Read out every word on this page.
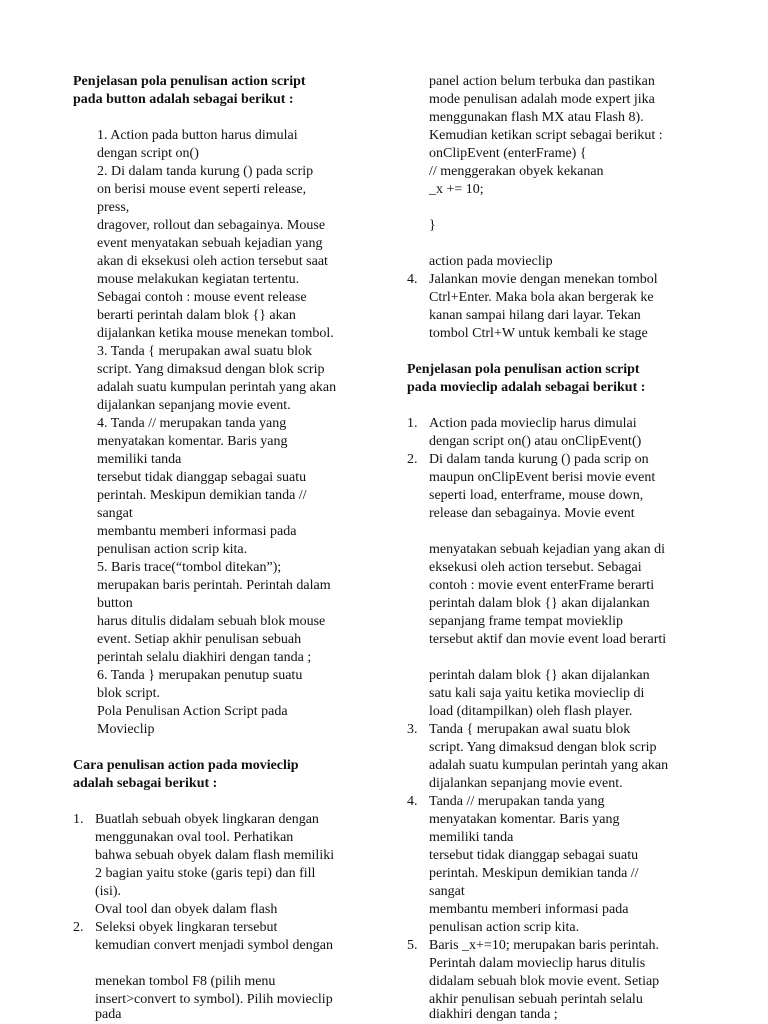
Penjelasan pola penulisan action script
pada button adalah sebagai berikut :
1. Action pada button harus dimulai
dengan script on()
2. Di dalam tanda kurung () pada scrip
on berisi mouse event seperti release,
press,
dragover, rollout dan sebagainya. Mouse
event menyatakan sebuah kejadian yang
akan di eksekusi oleh action tersebut saat
mouse melakukan kegiatan tertentu.
Sebagai contoh : mouse event release
berarti perintah dalam blok {} akan
dijalankan ketika mouse menekan tombol.
3. Tanda { merupakan awal suatu blok
script. Yang dimaksud dengan blok scrip
adalah suatu kumpulan perintah yang akan
dijalankan sepanjang movie event.
4. Tanda // merupakan tanda yang
menyatakan komentar. Baris yang
memiliki tanda
tersebut tidak dianggap sebagai suatu
perintah. Meskipun demikian tanda //
sangat
membantu memberi informasi pada
penulisan action scrip kita.
5. Baris trace(“tombol ditekan”);
merupakan baris perintah. Perintah dalam
button
harus ditulis didalam sebuah blok mouse
event. Setiap akhir penulisan sebuah
perintah selalu diakhiri dengan tanda ;
6. Tanda } merupakan penutup suatu
blok script.
Pola Penulisan Action Script pada
Movieclip
Cara penulisan action pada movieclip
adalah sebagai berikut :
1. Buatlah sebuah obyek lingkaran dengan
menggunakan oval tool. Perhatikan
bahwa sebuah obyek dalam flash memiliki
2 bagian yaitu stoke (garis tepi) dan fill
(isi).
Oval tool dan obyek dalam flash
2. Seleksi obyek lingkaran tersebut
kemudian convert menjadi symbol dengan
menekan tombol F8 (pilih menu
insert>convert to symbol). Pilih movieclip
pada
panel action belum terbuka dan pastikan
mode penulisan adalah mode expert jika
menggunakan flash MX atau Flash 8).
Kemudian ketikan script sebagai berikut :
onClipEvent (enterFrame) {
// menggerakan obyek kekanan
_x += 10;
}
action pada movieclip
4. Jalankan movie dengan menekan tombol
Ctrl+Enter. Maka bola akan bergerak ke
kanan sampai hilang dari layar. Tekan
tombol Ctrl+W untuk kembali ke stage
Penjelasan pola penulisan action script
pada movieclip adalah sebagai berikut :
1. Action pada movieclip harus dimulai
dengan script on() atau onClipEvent()
2. Di dalam tanda kurung () pada scrip on
maupun onClipEvent berisi movie event
seperti load, enterframe, mouse down,
release dan sebagainya. Movie event
menyatakan sebuah kejadian yang akan di
eksekusi oleh action tersebut. Sebagai
contoh : movie event enterFrame berarti
perintah dalam blok {} akan dijalankan
sepanjang frame tempat movieklip
tersebut aktif dan movie event load berarti
perintah dalam blok {} akan dijalankan
satu kali saja yaitu ketika movieclip di
load (ditampilkan) oleh flash player.
3. Tanda { merupakan awal suatu blok
script. Yang dimaksud dengan blok scrip
adalah suatu kumpulan perintah yang akan
dijalankan sepanjang movie event.
4. Tanda // merupakan tanda yang
menyatakan komentar. Baris yang
memiliki tanda
tersebut tidak dianggap sebagai suatu
perintah. Meskipun demikian tanda //
sangat
membantu memberi informasi pada
penulisan action scrip kita.
5. Baris _x+=10; merupakan baris perintah.
Perintah dalam movieclip harus ditulis
didalam sebuah blok movie event. Setiap
akhir penulisan sebuah perintah selalu
diakhiri dengan tanda ;
